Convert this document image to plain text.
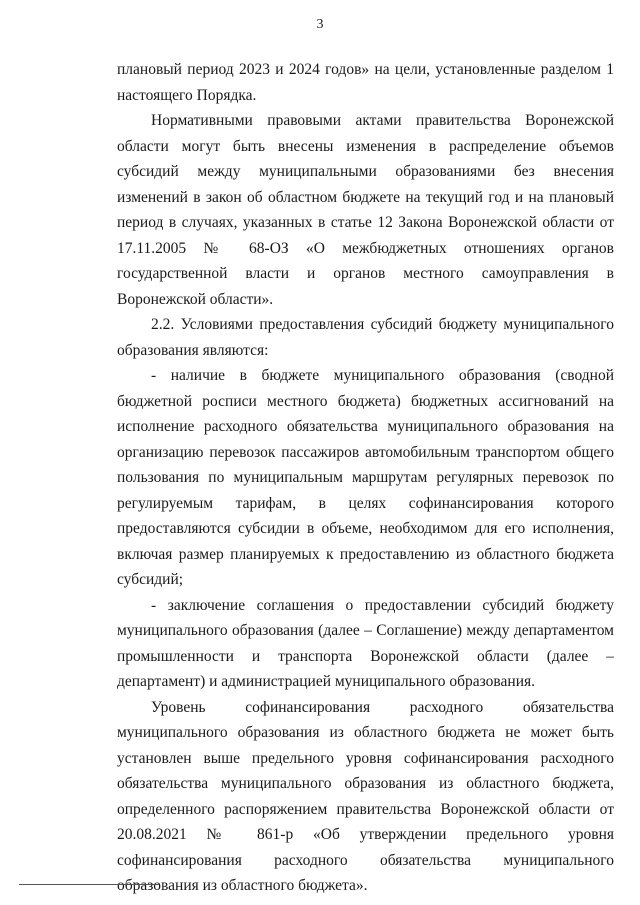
3

плановый период 2023 и 2024 годов» на цели, установленные разделом 1 настоящего Порядка.

Нормативными правовыми актами правительства Воронежской области могут быть внесены изменения в распределение объемов субсидий между муниципальными образованиями без внесения изменений в закон об областном бюджете на текущий год и на плановый период в случаях, указанных в статье 12 Закона Воронежской области от 17.11.2005 № 68-ОЗ «О межбюджетных отношениях органов государственной власти и органов местного самоуправления в Воронежской области».

2.2. Условиями предоставления субсидий бюджету муниципального образования являются:

- наличие в бюджете муниципального образования (сводной бюджетной росписи местного бюджета) бюджетных ассигнований на исполнение расходного обязательства муниципального образования на организацию перевозок пассажиров автомобильным транспортом общего пользования по муниципальным маршрутам регулярных перевозок по регулируемым тарифам, в целях софинансирования которого предоставляются субсидии в объеме, необходимом для его исполнения, включая размер планируемых к предоставлению из областного бюджета субсидий;

- заключение соглашения о предоставлении субсидий бюджету муниципального образования (далее – Соглашение) между департаментом промышленности и транспорта Воронежской области (далее – департамент) и администрацией муниципального образования.

Уровень софинансирования расходного обязательства муниципального образования из областного бюджета не может быть установлен выше предельного уровня софинансирования расходного обязательства муниципального образования из областного бюджета, определенного распоряжением правительства Воронежской области от 20.08.2021 № 861-р «Об утверждении предельного уровня софинансирования расходного обязательства муниципального образования из областного бюджета».
